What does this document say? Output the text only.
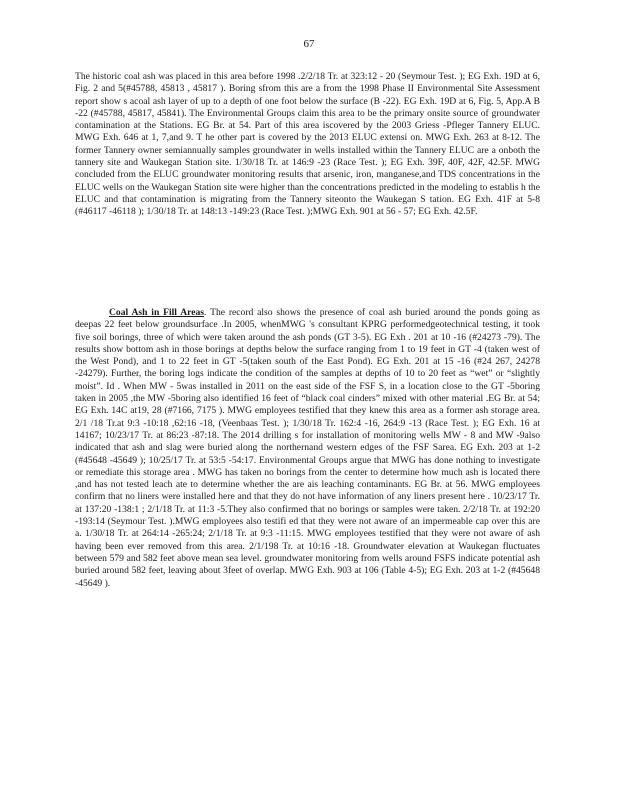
67

The historic coal ash was placed in this area before 1998 .2/2/18 Tr. at 323:12 - 20 (Seymour Test. ); EG Exh. 19D at 6, Fig. 2 and 5(#45788, 45813 , 45817 ). Boring sfrom this are a from the 1998 Phase II Environmental Site Assessment report show s acoal ash layer of up to a depth of one foot below the surface (B -22). EG Exh. 19D at 6, Fig. 5, App.A B -22 (#45788, 45817, 45841). The Environmental Groups claim this area to be the primary onsite source of groundwater contamination at the Stations. EG Br. at 54. Part of this area iscovered by the 2003 Griess -Pfleger Tannery ELUC. MWG Exh. 646 at 1, 7,and 9. T he other part is covered by the 2013 ELUC extensi on. MWG Exh. 263 at 8-12. The former Tannery owner semiannually samples groundwater in wells installed within the Tannery ELUC are a onboth the tannery site and Waukegan Station site. 1/30/18 Tr. at 146:9 -23 (Race Test. ); EG Exh. 39F, 40F, 42F, 42.5F. MWG concluded from the ELUC groundwater monitoring results that arsenic, iron, manganese,and TDS concentrations in the ELUC wells on the Waukegan Station site were higher than the concentrations predicted in the modeling to establis h the ELUC and that contamination is migrating from the Tannery siteonto the Waukegan S tation. EG Exh. 41F at 5-8 (#46117 -46118 ); 1/30/18 Tr. at 148:13 -149:23 (Race Test. );MWG Exh. 901 at 56 - 57; EG Exh. 42.5F.

Coal Ash in Fill Areas. The record also shows the presence of coal ash buried around the ponds going as deepas 22 feet below groundsurface .In 2005, whenMWG 's consultant KPRG performedgeotechnical testing, it took five soil borings, three of which were taken around the ash ponds (GT 3-5). EG Exh . 201 at 10 -16 (#24273 -79). The results show bottom ash in those borings at depths below the surface ranging from 1 to 19 feet in GT -4 (taken west of the West Pond), and 1 to 22 feet in GT -5(taken south of the East Pond). EG Exh. 201 at 15 -16 (#24 267, 24278 -24279). Further, the boring logs indicate the condition of the samples at depths of 10 to 20 feet as “wet” or “slightly moist”. Id . When MW - 5was installed in 2011 on the east side of the FSF S, in a location close to the GT -5boring taken in 2005 ,the MW -5boring also identified 16 feet of “black coal cinders” mixed with other material .EG Br. at 54; EG Exh. 14C at19, 28 (#7166, 7175 ). MWG employees testified that they knew this area as a former ash storage area. 2/1 /18 Tr.at 9:3 -10:18 ,62:16 -18, (Veenbaas Test. ); 1/30/18 Tr. 162:4 -16, 264:9 -13 (Race Test. ); EG Exh. 16 at 14167; 10/23/17 Tr. at 86:23 -87:18. The 2014 drilling s for installation of monitoring wells MW - 8 and MW -9also indicated that ash and slag were buried along the northernand western edges of the FSF Sarea. EG Exh. 203 at 1-2 (#45648 -45649 ); 10/25/17 Tr. at 53:5 -54:17. Environmental Groups argue that MWG has done nothing to investigate or remediate this storage area . MWG has taken no borings from the center to determine how much ash is located there ,and has not tested leach ate to determine whether the are ais leaching contaminants. EG Br. at 56. MWG employees confirm that no liners were installed here and that they do not have information of any liners present here . 10/23/17 Tr. at 137:20 -138:1 ; 2/1/18 Tr. at 11:3 -5.They also confirmed that no borings or samples were taken. 2/2/18 Tr. at 192:20 -193:14 (Seymour Test. ).MWG employees also testifi ed that they were not aware of an impermeable cap over this are a. 1/30/18 Tr. at 264:14 -265:24; 2/1/18 Tr. at 9:3 -11:15. MWG employees testified that they were not aware of ash having been ever removed from this area. 2/1/198 Tr. at 10:16 -18. Groundwater elevation at Waukegan fluctuates between 579 and 582 feet above mean sea level. groundwater monitoring from wells around FSFS indicate potential ash buried around 582 feet, leaving about 3feet of overlap. MWG Exh. 903 at 106 (Table 4-5); EG Exh. 203 at 1-2 (#45648 -45649 ).
